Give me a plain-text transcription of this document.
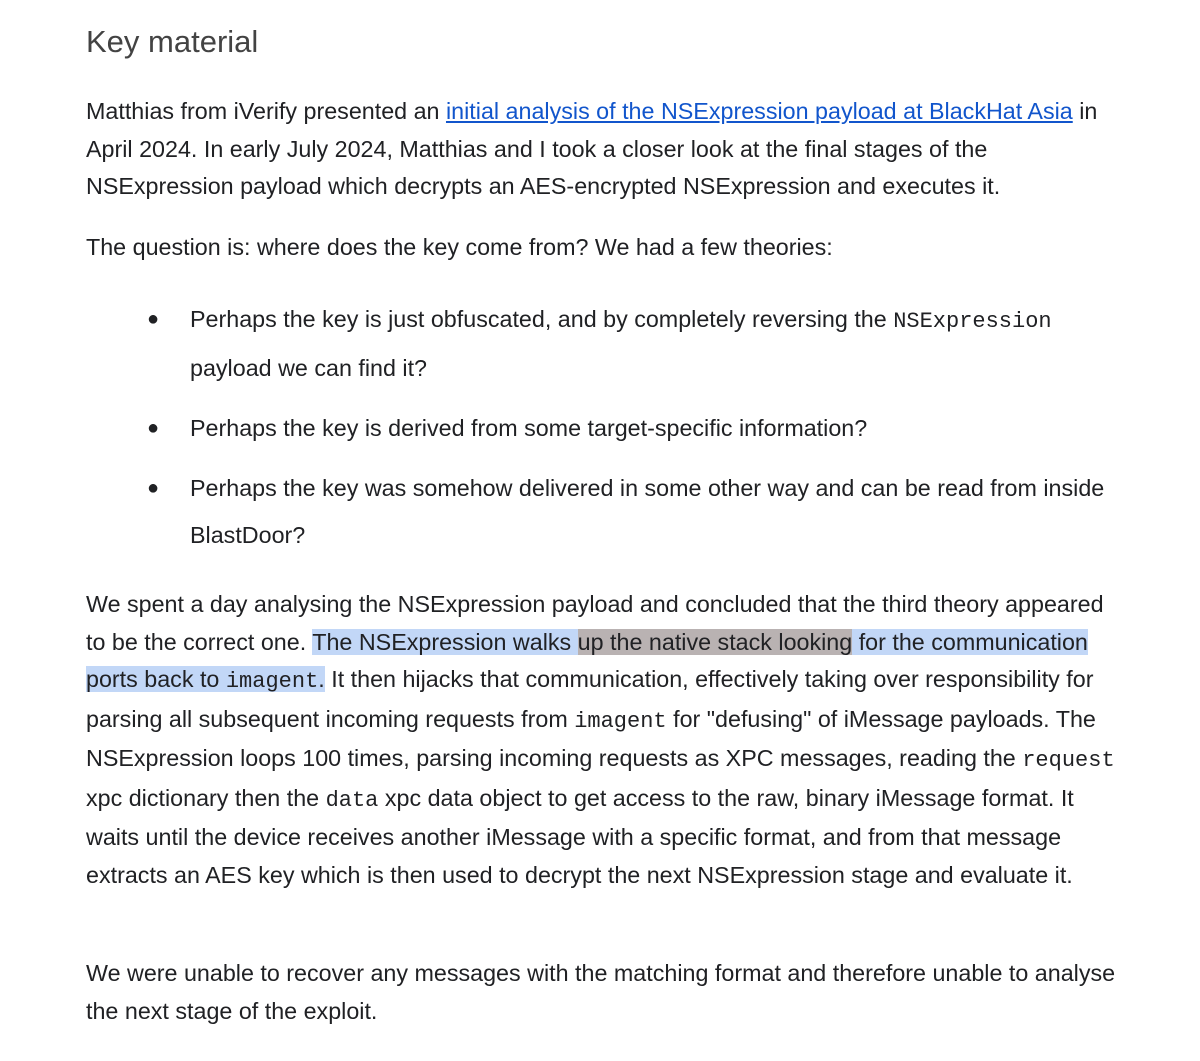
Key material

Matthias from iVerify presented an initial analysis of the NSExpression payload at BlackHat Asia in April 2024. In early July 2024, Matthias and I took a closer look at the final stages of the NSExpression payload which decrypts an AES-encrypted NSExpression and executes it.

The question is: where does the key come from? We had a few theories:

● Perhaps the key is just obfuscated, and by completely reversing the NSExpression payload we can find it?
● Perhaps the key is derived from some target-specific information?
● Perhaps the key was somehow delivered in some other way and can be read from inside BlastDoor?

We spent a day analysing the NSExpression payload and concluded that the third theory appeared to be the correct one. The NSExpression walks up the native stack looking for the communication ports back to imagent. It then hijacks that communication, effectively taking over responsibility for parsing all subsequent incoming requests from imagent for "defusing" of iMessage payloads. The NSExpression loops 100 times, parsing incoming requests as XPC messages, reading the request xpc dictionary then the data xpc data object to get access to the raw, binary iMessage format. It waits until the device receives another iMessage with a specific format, and from that message extracts an AES key which is then used to decrypt the next NSExpression stage and evaluate it.

We were unable to recover any messages with the matching format and therefore unable to analyse the next stage of the exploit.
